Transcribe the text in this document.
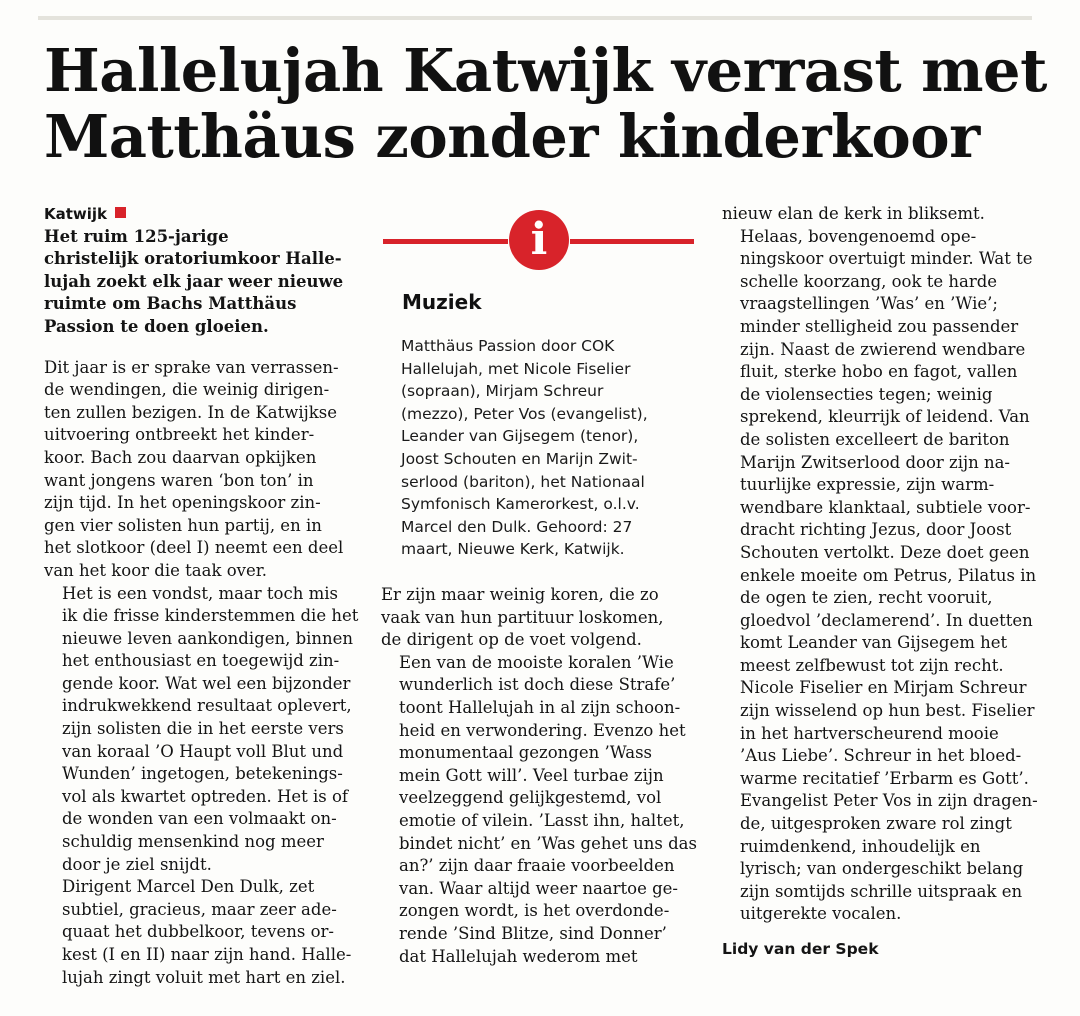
Hallelujah Katwijk verrast met
Matthäus zonder kinderkoor

Katwijk
Het ruim 125-jarige
christelijk oratoriumkoor Halle-
lujah zoekt elk jaar weer nieuwe
ruimte om Bachs Matthäus
Passion te doen gloeien.

Dit jaar is er sprake van verrassen-
de wendingen, die weinig dirigen-
ten zullen bezigen. In de Katwijkse
uitvoering ontbreekt het kinder-
koor. Bach zou daarvan opkijken
want jongens waren ‘bon ton’ in
zijn tijd. In het openingskoor zin-
gen vier solisten hun partij, en in
het slotkoor (deel I) neemt een deel
van het koor die taak over.

Het is een vondst, maar toch mis
ik die frisse kinderstemmen die het
nieuwe leven aankondigen, binnen
het enthousiast en toegewijd zin-
gende koor. Wat wel een bijzonder
indrukwekkend resultaat oplevert,
zijn solisten die in het eerste vers
van koraal ’O Haupt voll Blut und
Wunden’ ingetogen, betekenings-
vol als kwartet optreden. Het is of
de wonden van een volmaakt on-
schuldig mensenkind nog meer
door je ziel snijdt.

Dirigent Marcel Den Dulk, zet
subtiel, gracieus, maar zeer ade-
quaat het dubbelkoor, tevens or-
kest (I en II) naar zijn hand. Halle-
lujah zingt voluit met hart en ziel.

i
Muziek
Matthäus Passion door COK
Hallelujah, met Nicole Fiselier
(sopraan), Mirjam Schreur
(mezzo), Peter Vos (evangelist),
Leander van Gijsegem (tenor),
Joost Schouten en Marijn Zwit-
serlood (bariton), het Nationaal
Symfonisch Kamerorkest, o.l.v.
Marcel den Dulk. Gehoord: 27
maart, Nieuwe Kerk, Katwijk.

Er zijn maar weinig koren, die zo
vaak van hun partituur loskomen,
de dirigent op de voet volgend.

Een van de mooiste koralen ’Wie
wunderlich ist doch diese Strafe’
toont Hallelujah in al zijn schoon-
heid en verwondering. Evenzo het
monumentaal gezongen ’Wass
mein Gott will’. Veel turbae zijn
veelzeggend gelijkgestemd, vol
emotie of vilein. ’Lasst ihn, haltet,
bindet nicht’ en ’Was gehet uns das
an?’ zijn daar fraaie voorbeelden
van. Waar altijd weer naartoe ge-
zongen wordt, is het overdonde-
rende ’Sind Blitze, sind Donner’
dat Hallelujah wederom met

nieuw elan de kerk in bliksemt.

Helaas, bovengenoemd ope-
ningskoor overtuigt minder. Wat te
schelle koorzang, ook te harde
vraagstellingen ’Was’ en ’Wie’;
minder stelligheid zou passender
zijn. Naast de zwierend wendbare
fluit, sterke hobo en fagot, vallen
de violensecties tegen; weinig
sprekend, kleurrijk of leidend. Van
de solisten excelleert de bariton
Marijn Zwitserlood door zijn na-
tuurlijke expressie, zijn warm-
wendbare klanktaal, subtiele voor-
dracht richting Jezus, door Joost
Schouten vertolkt. Deze doet geen
enkele moeite om Petrus, Pilatus in
de ogen te zien, recht vooruit,
gloedvol ’declamerend’. In duetten
komt Leander van Gijsegem het
meest zelfbewust tot zijn recht.
Nicole Fiselier en Mirjam Schreur
zijn wisselend op hun best. Fiselier
in het hartverscheurend mooie
’Aus Liebe’. Schreur in het bloed-
warme recitatief ’Erbarm es Gott’.
Evangelist Peter Vos in zijn dragen-
de, uitgesproken zware rol zingt
ruimdenkend, inhoudelijk en
lyrisch; van ondergeschikt belang
zijn somtijds schrille uitspraak en
uitgerekte vocalen.

Lidy van der Spek
